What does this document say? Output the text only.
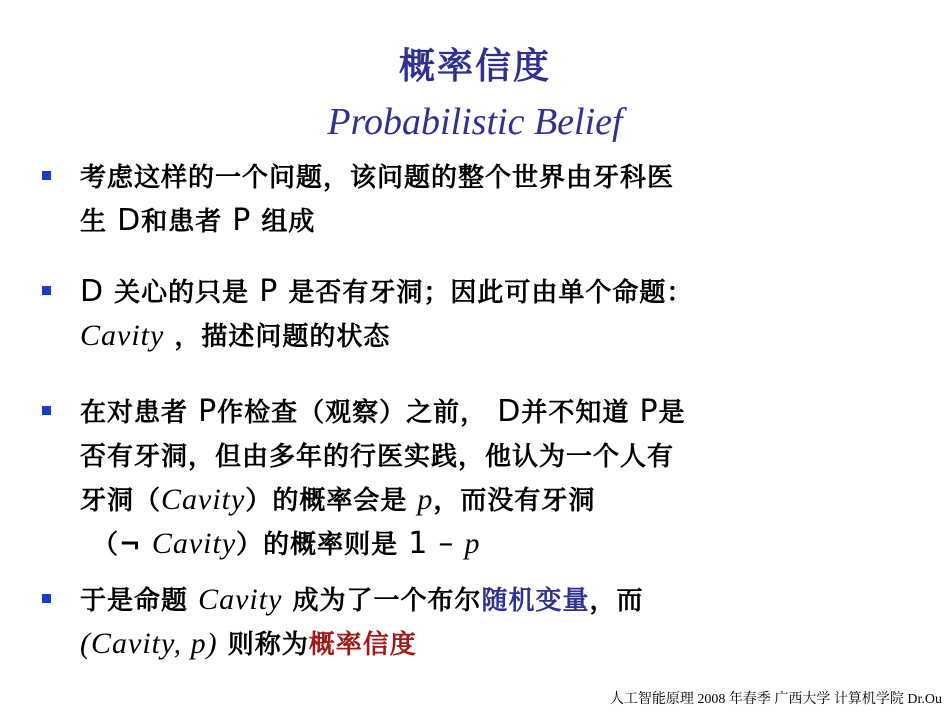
概率信度
Probabilistic Belief
考虑这样的一个问题，该问题的整个世界由牙科医
生 D和患者 P 组成
D 关心的只是 P 是否有牙洞；因此可由单个命题：
Cavity ，描述问题的状态
在对患者 P作检查（观察）之前， D并不知道 P是
否有牙洞，但由多年的行医实践，他认为一个人有
牙洞（Cavity）的概率会是 p，而没有牙洞
（¬ Cavity）的概率则是 1 – p
于是命题 Cavity 成为了一个布尔随机变量，而
(Cavity, p) 则称为概率信度
人工智能原理 2008 年春季 广西大学 计算机学院 Dr.Ou
